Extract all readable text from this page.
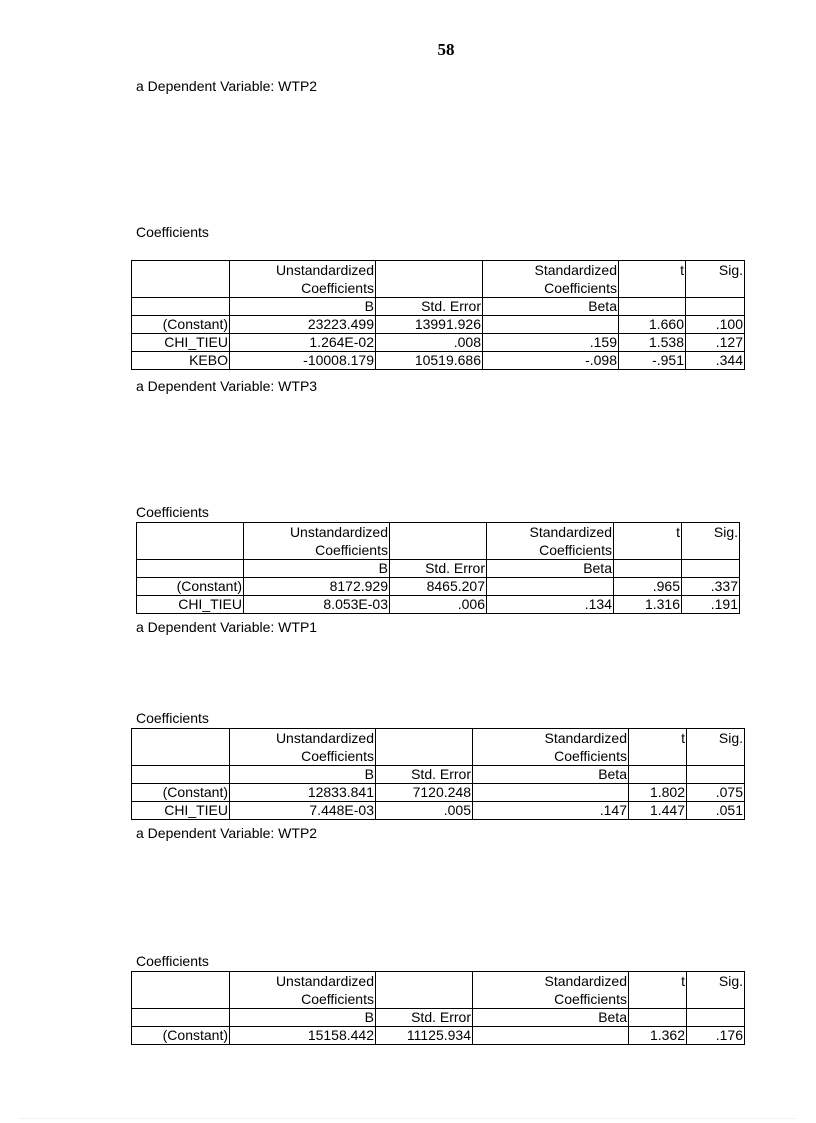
58
a Dependent Variable: WTP2
Coefficients
	Unstandardized Coefficients		Standardized Coefficients	t	Sig.
	B	Std. Error	Beta		
(Constant)	23223.499	13991.926		1.660	.100
CHI_TIEU	1.264E-02	.008	.159	1.538	.127
KEBO	-10008.179	10519.686	-.098	-.951	.344
a Dependent Variable: WTP3
Coefficients
	Unstandardized Coefficients		Standardized Coefficients	t	Sig.
	B	Std. Error	Beta		
(Constant)	8172.929	8465.207		.965	.337
CHI_TIEU	8.053E-03	.006	.134	1.316	.191
a Dependent Variable: WTP1
Coefficients
	Unstandardized Coefficients		Standardized Coefficients	t	Sig.
	B	Std. Error	Beta		
(Constant)	12833.841	7120.248		1.802	.075
CHI_TIEU	7.448E-03	.005	.147	1.447	.051
a Dependent Variable: WTP2
Coefficients
	Unstandardized Coefficients		Standardized Coefficients	t	Sig.
	B	Std. Error	Beta		
(Constant)	15158.442	11125.934		1.362	.176
